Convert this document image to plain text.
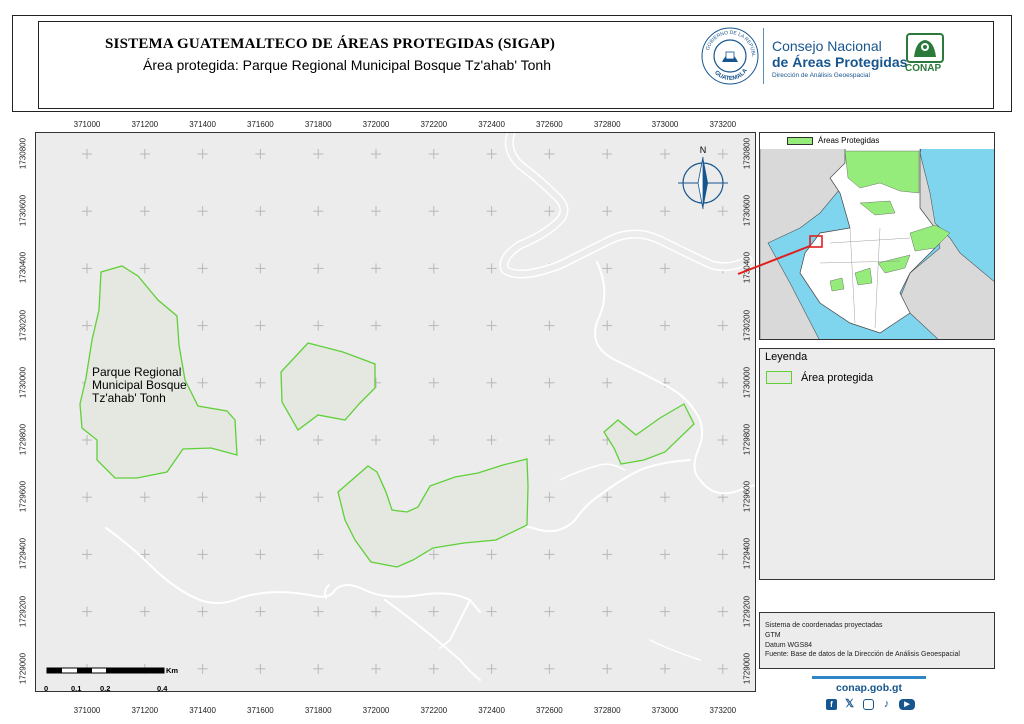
SISTEMA GUATEMALTECO DE ÁREAS PROTEGIDAS (SIGAP)
Área protegida: Parque Regional Municipal Bosque Tz'ahab' Tonh
GOBIERNO DE LA REPÚBL
GUATEMALA
Consejo Nacional
de Áreas Protegidas
Dirección de Análisis Geoespacial
CONAP
N
Parque Regional
Municipal Bosque
Tz'ahab' Tonh
0	0.1 0.2	0.4
Km
371000	371200	371400	371600	371800	372000	372200	372400	372600	372800	373000	373200
371000	371200	371400	371600	371800	372000	372200	372400	372600	372800	373000	373200
1730800
1730600
1730400
1730200
1730000
1729800
1729600
1729400
1729200
1729000
1730800
1730600
1730400
1730200
1730000
1729800
1729600
1729400
1729200
1729000
Áreas Protegidas
Leyenda
Área protegida
Sistema de coordenadas proyectadas
GTM
Datum WGS84
Fuente: Base de datos de la Dirección de Análisis Geoespacial
conap.gob.gt
f	𝕏	♪	▶
